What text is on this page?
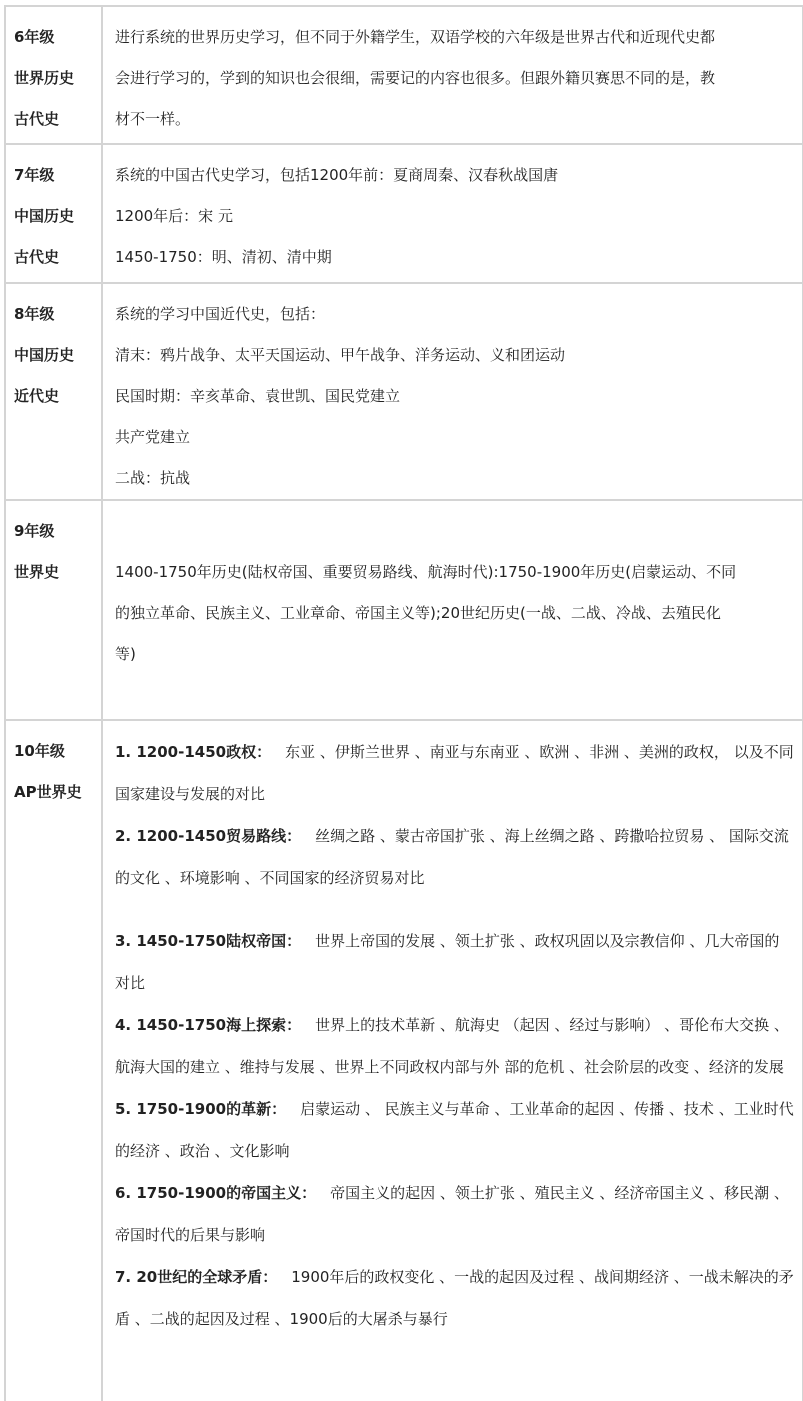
6年级
世界历史
古代史
进行系统的世界历史学习，但不同于外籍学生，双语学校的六年级是世界古代和近现代史都
会进行学习的，学到的知识也会很细，需要记的内容也很多。但跟外籍贝赛思不同的是，教
材不一样。
7年级
中国历史
古代史
系统的中国古代史学习，包括1200年前：夏商周秦、汉春秋战国唐
1200年后：宋 元
1450-1750：明、清初、清中期
8年级
中国历史
近代史
系统的学习中国近代史，包括：
清末：鸦片战争、太平天国运动、甲午战争、洋务运动、义和团运动
民国时期：辛亥革命、袁世凯、国民党建立
共产党建立
二战：抗战
9年级
世界史	1400-1750年历史(陆权帝国、重要贸易路线、航海时代):1750-1900年历史(启蒙运动、不同
的独立革命、民族主义、工业章命、帝国主义等);20世纪历史(一战、二战、冷战、去殖民化
等)
10年级
AP世界史
1. 1200-1450政权： 东亚 、伊斯兰世界 、南亚与东南亚 、欧洲 、非洲 、美洲的政权， 以及不同国家建设与发展的对比
2. 1200-1450贸易路线： 丝绸之路 、蒙古帝国扩张 、海上丝绸之路 、跨撒哈拉贸易 、 国际交流的文化 、环境影响 、不同国家的经济贸易对比
3. 1450-1750陆权帝国： 世界上帝国的发展 、领土扩张 、政权巩固以及宗教信仰 、几大帝国的对比
4. 1450-1750海上探索： 世界上的技术革新 、航海史 （起因 、经过与影响） 、哥伦布大交换 、航海大国的建立 、维持与发展 、世界上不同政权内部与外 部的危机 、社会阶层的改变 、经济的发展
5. 1750-1900的革新： 启蒙运动 、 民族主义与革命 、工业革命的起因 、传播 、技术 、工业时代的经济 、政治 、文化影响
6. 1750-1900的帝国主义： 帝国主义的起因 、领土扩张 、殖民主义 、经济帝国主义 、移民潮 、帝国时代的后果与影响
7. 20世纪的全球矛盾： 1900年后的政权变化 、一战的起因及过程 、战间期经济 、一战未解决的矛盾 、二战的起因及过程 、1900后的大屠杀与暴行
